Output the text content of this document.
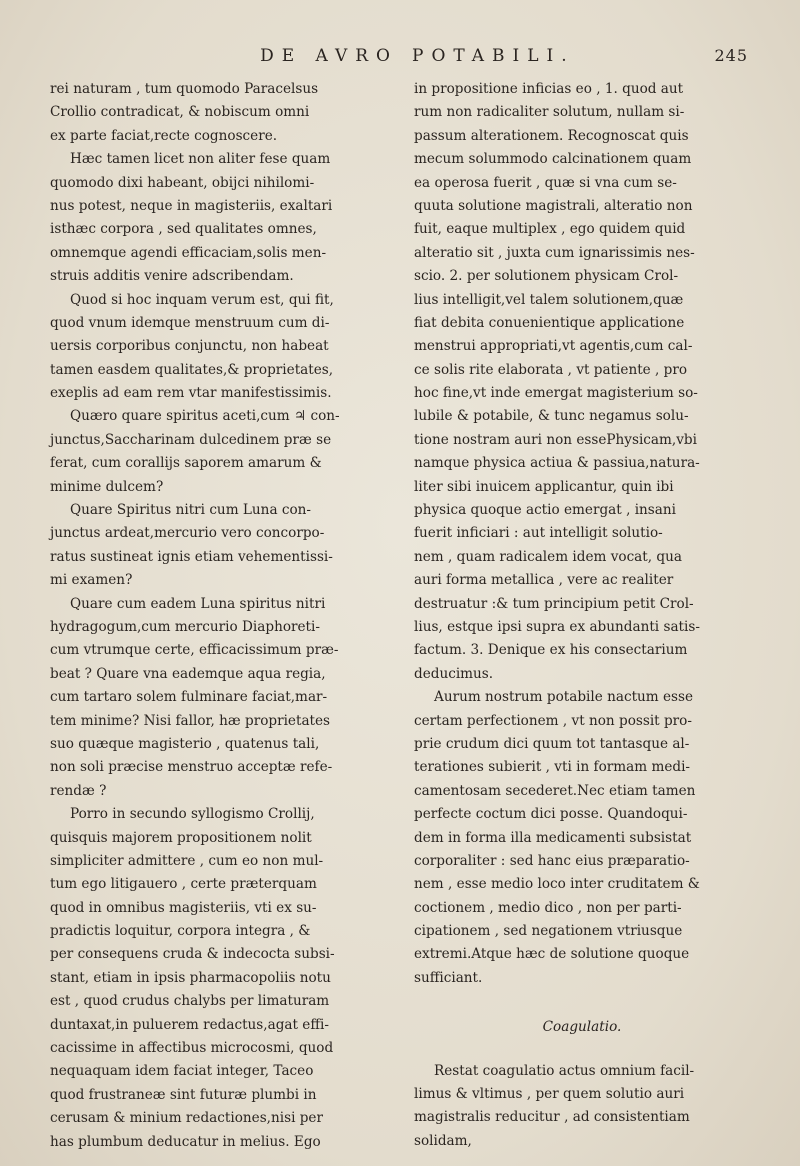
DE AVRO POTABILI.	245
rei naturam , tum quomodo Paracelsus
Crollio contradicat, & nobiscum omni
ex parte faciat,recte cognoscere.
Hæc tamen licet non aliter fese quam
quomodo dixi habeant, obijci nihilomi-
nus potest, neque in magisteriis, exaltari
isthæc corpora , sed qualitates omnes,
omnemque agendi efficaciam,solis men-
struis additis venire adscribendam.
Quod si hoc inquam verum est, qui fit,
quod vnum idemque menstruum cum di-
uersis corporibus conjunctu, non habeat
tamen easdem qualitates,& proprietates,
exeplis ad eam rem vtar manifestissimis.
Quæro quare spiritus aceti,cum ♃ con-
junctus,Saccharinam dulcedinem præ se
ferat, cum corallijs saporem amarum &
minime dulcem?
Quare Spiritus nitri cum Luna con-
junctus ardeat,mercurio vero concorpo-
ratus sustineat ignis etiam vehementissi-
mi examen?
Quare cum eadem Luna spiritus nitri
hydragogum,cum mercurio Diaphoreti-
cum vtrumque certe, efficacissimum præ-
beat ? Quare vna eademque aqua regia,
cum tartaro solem fulminare faciat,mar-
tem minime? Nisi fallor, hæ proprietates
suo quæque magisterio , quatenus tali,
non soli præcise menstruo acceptæ refe-
rendæ ?
Porro in secundo syllogismo Crollij,
quisquis majorem propositionem nolit
simpliciter admittere , cum eo non mul-
tum ego litigauero , certe præterquam
quod in omnibus magisteriis, vti ex su-
pradictis loquitur, corpora integra , &
per consequens cruda & indecocta subsi-
stant, etiam in ipsis pharmacopoliis notu
est , quod crudus chalybs per limaturam
duntaxat,in puluerem redactus,agat effi-
cacissime in affectibus microcosmi, quod
nequaquam idem faciat integer, Taceo
quod frustraneæ sint futuræ plumbi in
cerusam & minium redactiones,nisi per
has plumbum deducatur in melius. Ego
in propositione inficias eo , 1. quod aut
rum non radicaliter solutum, nullam si-
passum alterationem. Recognoscat quis
mecum solummodo calcinationem quam
ea operosa fuerit , quæ si vna cum se-
quuta solutione magistrali, alteratio non
fuit, eaque multiplex , ego quidem quid
alteratio sit , juxta cum ignarissimis nes-
scio. 2. per solutionem physicam Crol-
lius intelligit,vel talem solutionem,quæ
fiat debita conuenientique applicatione
menstrui appropriati,vt agentis,cum cal-
ce solis rite elaborata , vt patiente , pro
hoc fine,vt inde emergat magisterium so-
lubile & potabile, & tunc negamus solu-
tione nostram auri non essePhysicam,vbi
namque physica actiua & passiua,natura-
liter sibi inuicem applicantur, quin ibi
physica quoque actio emergat , insani
fuerit inficiari : aut intelligit solutio-
nem , quam radicalem idem vocat, qua
auri forma metallica , vere ac realiter
destruatur :& tum principium petit Crol-
lius, estque ipsi supra ex abundanti satis-
factum. 3. Denique ex his consectarium
deducimus.
Aurum nostrum potabile nactum esse
certam perfectionem , vt non possit pro-
prie crudum dici quum tot tantasque al-
terationes subierit , vti in formam medi-
camentosam secederet.Nec etiam tamen
perfecte coctum dici posse. Quandoqui-
dem in forma illa medicamenti subsistat
corporaliter : sed hanc eius præparatio-
nem , esse medio loco inter cruditatem &
coctionem , medio dico , non per parti-
cipationem , sed negationem vtriusque
extremi.Atque hæc de solutione quoque
sufficiant.
Coagulatio.
Restat coagulatio actus omnium facil-
limus & vltimus , per quem solutio auri
magistralis reducitur , ad consistentiam
solidam,
